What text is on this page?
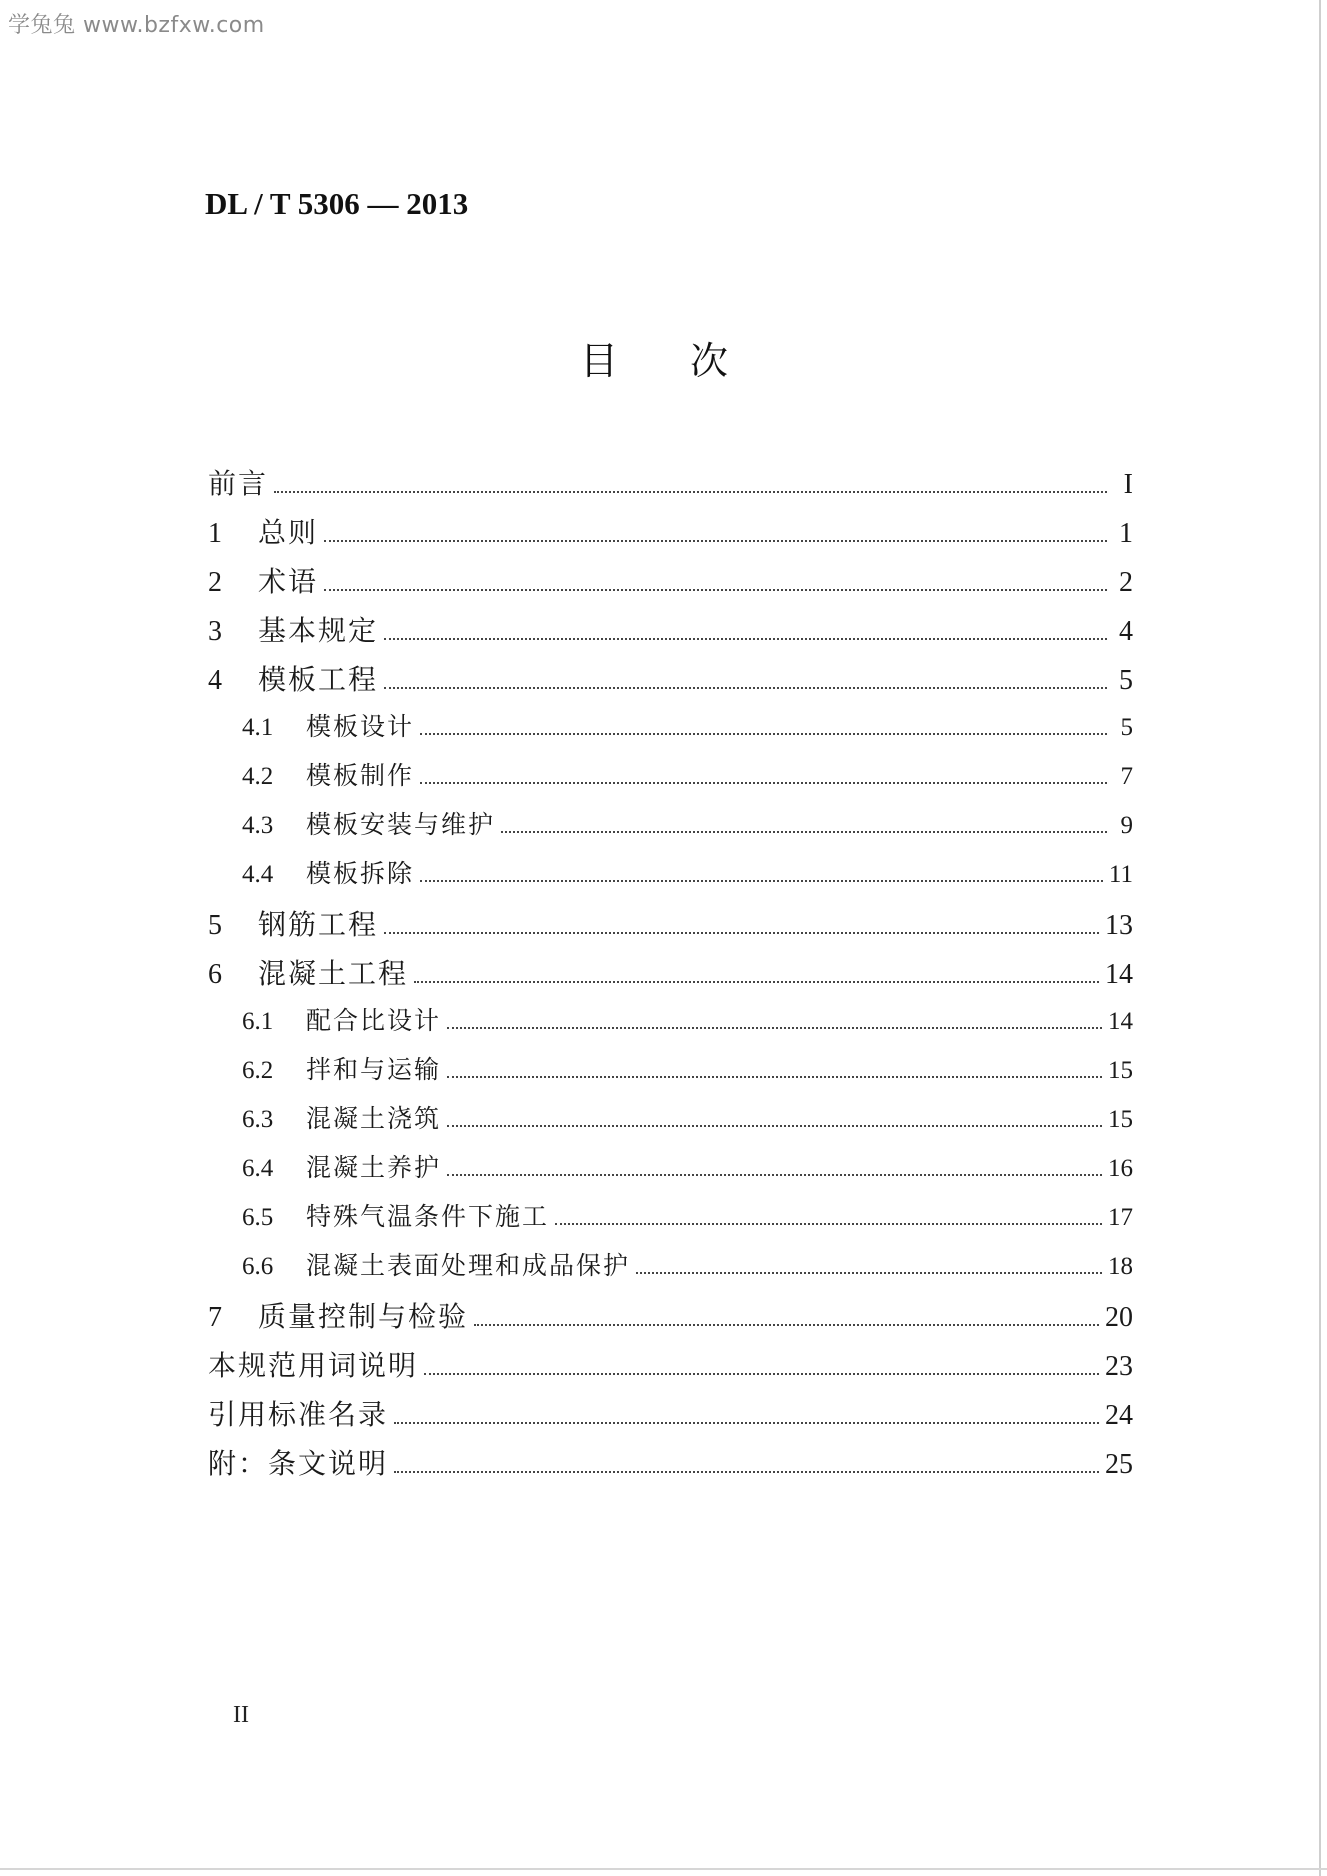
学兔兔 www.bzfxw.com
DL / T 5306 — 2013
目次
前言	I
1	总则	1
2	术语	2
3	基本规定	4
4	模板工程	5
4.1	模板设计	5
4.2	模板制作	7
4.3	模板安装与维护	9
4.4	模板拆除	11
5	钢筋工程	13
6	混凝土工程	14
6.1	配合比设计	14
6.2	拌和与运输	15
6.3	混凝土浇筑	15
6.4	混凝土养护	16
6.5	特殊气温条件下施工	17
6.6	混凝土表面处理和成品保护	18
7	质量控制与检验	20
本规范用词说明	23
引用标准名录	24
附：条文说明	25
II
